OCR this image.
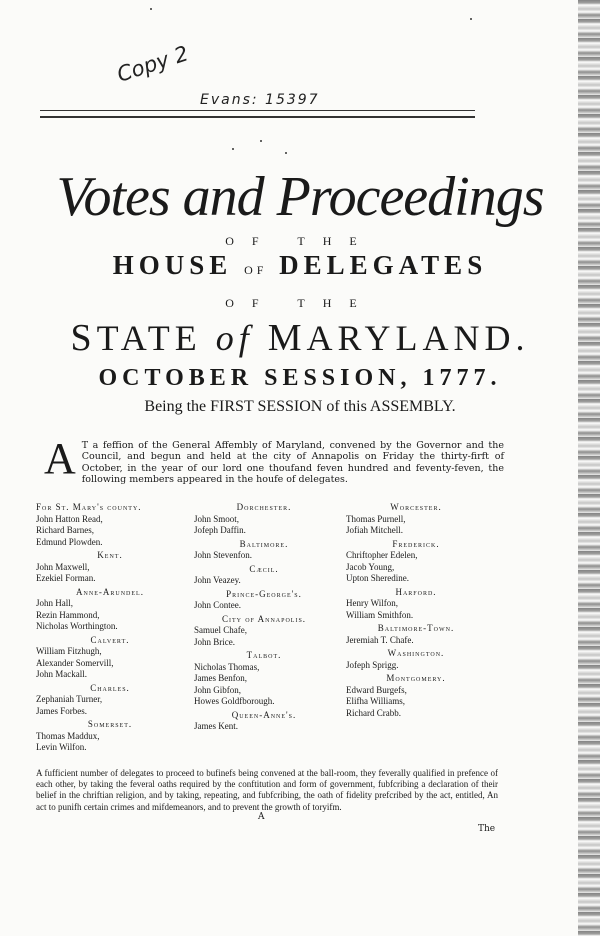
Copy 2
Evans: 15397
Votes and Proceedings
OF THE
HOUSE OF DELEGATES
OF THE
STATE of MARYLAND.
OCTOBER SESSION, 1777.
Being the FIRST SESSION of this ASSEMBLY.
A T a feffion of the General Affembly of Maryland, convened by the Governor and the Council, and begun and held at the city of Annapolis on Friday the thirty-firft of October, in the year of our lord one thoufand feven hundred and feventy-feven, the following members appeared in the houfe of delegates.
For St. Mary's county.
John Hatton Read,
Richard Barnes,
Edmund Plowden.
Kent.
John Maxwell,
Ezekiel Forman.
Anne-Arundel.
John Hall,
Rezin Hammond,
Nicholas Worthington.
Calvert.
William Fitzhugh,
Alexander Somervill,
John Mackall.
Charles.
Zephaniah Turner,
James Forbes.
Somerset.
Thomas Maddux,
Levin Wilfon.
Dorchester.
John Smoot,
Jofeph Daffin.
Baltimore.
John Stevenfon.
Cæcil.
John Veazey.
Prince-George's.
John Contee.
City of Annapolis.
Samuel Chafe,
John Brice.
Talbot.
Nicholas Thomas,
James Benfon,
John Gibfon,
Howes Goldfborough.
Queen-Anne's.
James Kent.
Worcester.
Thomas Purnell,
Jofiah Mitchell.
Frederick.
Chriftopher Edelen,
Jacob Young,
Upton Sheredine.
Harford.
Henry Wilfon,
William Smithfon.
Baltimore-Town.
Jeremiah T. Chafe.
Washington.
Jofeph Sprigg.
Montgomery.
Edward Burgefs,
Elifha Williams,
Richard Crabb.
A fufficient number of delegates to proceed to bufinefs being convened at the ball-room, they feverally qualified in prefence of each other, by taking the feveral oaths required by the conftitution and form of government, fubfcribing a declaration of their belief in the chriftian religion, and by taking, repeating, and fubfcribing, the oath of fidelity prefcribed by the act, entitled, An act to punifh certain crimes and mifdemeanors, and to prevent the growth of toryifm.
A
The
